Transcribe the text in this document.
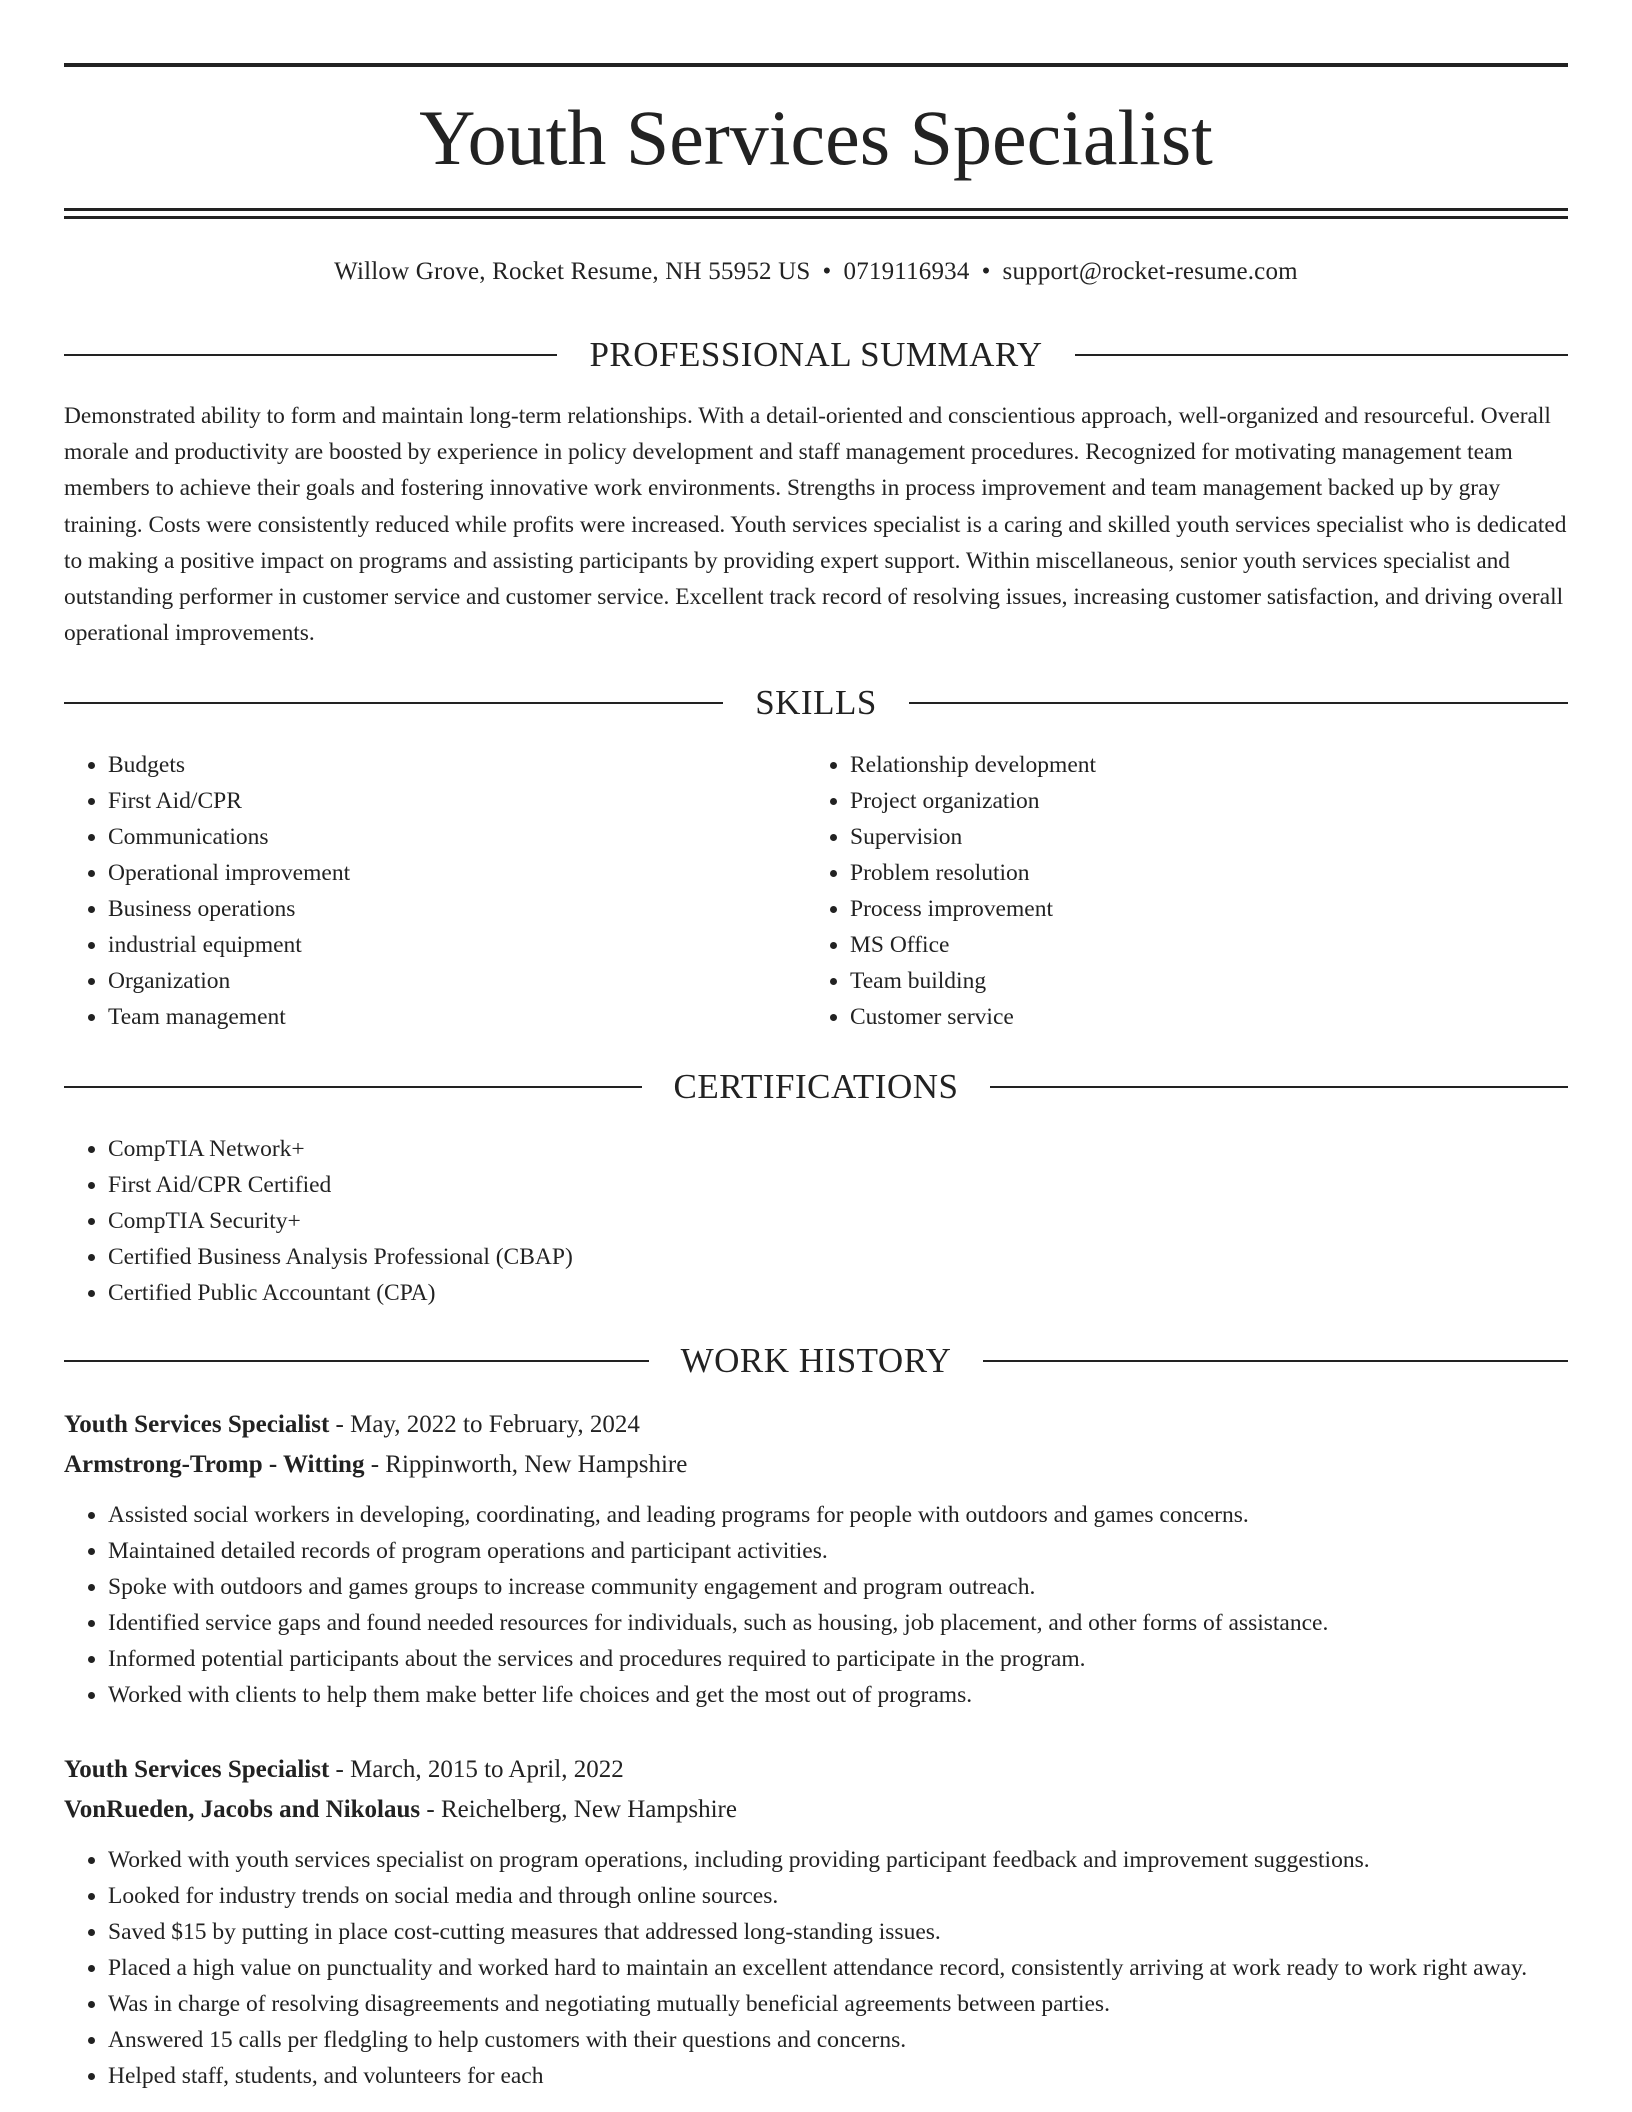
Youth Services Specialist
Willow Grove, Rocket Resume, NH 55952 US • 0719116934 • support@rocket-resume.com
PROFESSIONAL SUMMARY

Demonstrated ability to form and maintain long-term relationships. With a detail-oriented and conscientious approach, well-organized and resourceful. Overall morale and productivity are boosted by experience in policy development and staff management procedures. Recognized for motivating management team members to achieve their goals and fostering innovative work environments. Strengths in process improvement and team management backed up by gray training. Costs were consistently reduced while profits were increased. Youth services specialist is a caring and skilled youth services specialist who is dedicated to making a positive impact on programs and assisting participants by providing expert support. Within miscellaneous, senior youth services specialist and outstanding performer in customer service and customer service. Excellent track record of resolving issues, increasing customer satisfaction, and driving overall operational improvements.

SKILLS
• Budgets
• First Aid/CPR
• Communications
• Operational improvement
• Business operations
• industrial equipment
• Organization
• Team management
• Relationship development
• Project organization
• Supervision
• Problem resolution
• Process improvement
• MS Office
• Team building
• Customer service
CERTIFICATIONS
• CompTIA Network+
• First Aid/CPR Certified
• CompTIA Security+
• Certified Business Analysis Professional (CBAP)
• Certified Public Accountant (CPA)
WORK HISTORY
Youth Services Specialist - May, 2022 to February, 2024
Armstrong-Tromp - Witting - Rippinworth, New Hampshire
• Assisted social workers in developing, coordinating, and leading programs for people with outdoors and games concerns.
• Maintained detailed records of program operations and participant activities.
• Spoke with outdoors and games groups to increase community engagement and program outreach.
• Identified service gaps and found needed resources for individuals, such as housing, job placement, and other forms of assistance.
• Informed potential participants about the services and procedures required to participate in the program.
• Worked with clients to help them make better life choices and get the most out of programs.
Youth Services Specialist - March, 2015 to April, 2022
VonRueden, Jacobs and Nikolaus - Reichelberg, New Hampshire
• Worked with youth services specialist on program operations, including providing participant feedback and improvement suggestions.
• Looked for industry trends on social media and through online sources.
• Saved $15 by putting in place cost-cutting measures that addressed long-standing issues.
• Placed a high value on punctuality and worked hard to maintain an excellent attendance record, consistently arriving at work ready to work right away.
• Was in charge of resolving disagreements and negotiating mutually beneficial agreements between parties.
• Answered 15 calls per fledgling to help customers with their questions and concerns.
• Helped staff, students, and volunteers for each
